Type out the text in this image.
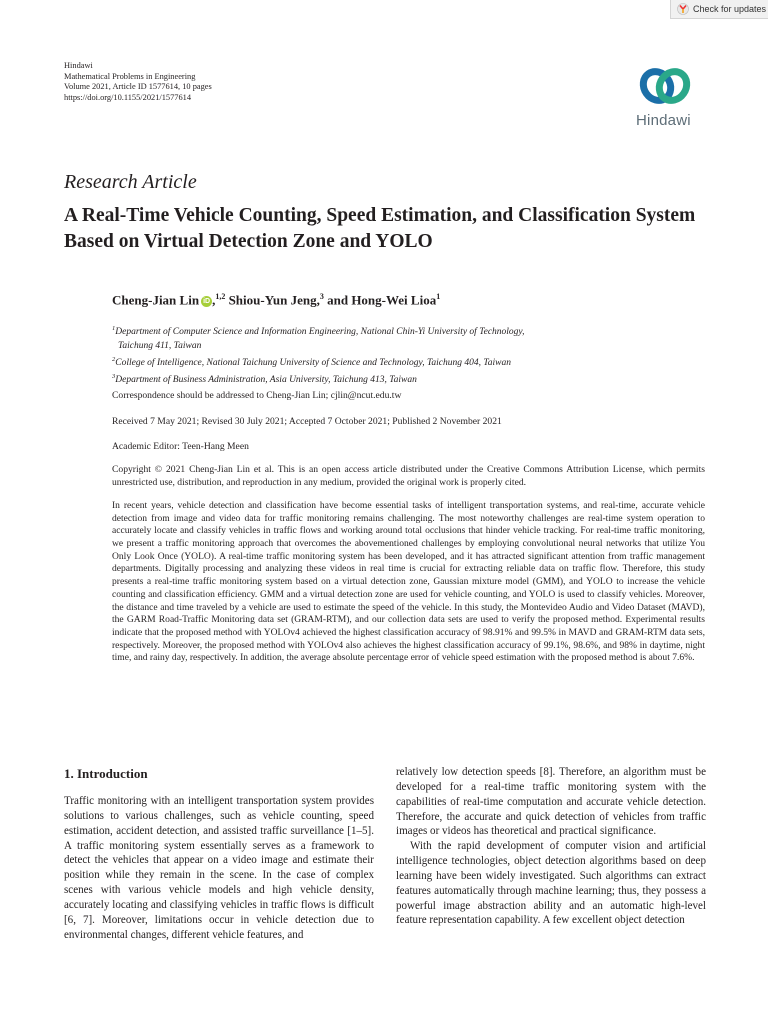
Check for updates
Hindawi
Mathematical Problems in Engineering
Volume 2021, Article ID 1577614, 10 pages
https://doi.org/10.1155/2021/1577614
Hindawi
Research Article
A Real-Time Vehicle Counting, Speed Estimation, and Classification System Based on Virtual Detection Zone and YOLO
Cheng-Jian Lin iD ,$^{1,2}$ Shiou-Yun Jeng,$^3$ and Hong-Wei Lioa$^1$
$^1$Department of Computer Science and Information Engineering, National Chin-Yi University of Technology,
Taichung 411, Taiwan
$^2$College of Intelligence, National Taichung University of Science and Technology, Taichung 404, Taiwan
$^3$Department of Business Administration, Asia University, Taichung 413, Taiwan
Correspondence should be addressed to Cheng-Jian Lin; cjlin@ncut.edu.tw
Received 7 May 2021; Revised 30 July 2021; Accepted 7 October 2021; Published 2 November 2021
Academic Editor: Teen-Hang Meen
Copyright © 2021 Cheng-Jian Lin et al. This is an open access article distributed under the Creative Commons Attribution License, which permits unrestricted use, distribution, and reproduction in any medium, provided the original work is properly cited.

In recent years, vehicle detection and classification have become essential tasks of intelligent transportation systems, and real-time, accurate vehicle detection from image and video data for traffic monitoring remains challenging. The most noteworthy challenges are real-time system operation to accurately locate and classify vehicles in traffic flows and working around total occlusions that hinder vehicle tracking. For real-time traffic monitoring, we present a traffic monitoring approach that overcomes the abovementioned challenges by employing convolutional neural networks that utilize You Only Look Once (YOLO). A real-time traffic monitoring system has been developed, and it has attracted significant attention from traffic management departments. Digitally processing and analyzing these videos in real time is crucial for extracting reliable data on traffic flow. Therefore, this study presents a real-time traffic monitoring system based on a virtual detection zone, Gaussian mixture model (GMM), and YOLO to increase the vehicle counting and classification efficiency. GMM and a virtual detection zone are used for vehicle counting, and YOLO is used to classify vehicles. Moreover, the distance and time traveled by a vehicle are used to estimate the speed of the vehicle. In this study, the Montevideo Audio and Video Dataset (MAVD), the GARM Road-Traffic Monitoring data set (GRAM-RTM), and our collection data sets are used to verify the proposed method. Experimental results indicate that the proposed method with YOLOv4 achieved the highest classification accuracy of 98.91% and 99.5% in MAVD and GRAM-RTM data sets, respectively. Moreover, the proposed method with YOLOv4 also achieves the highest classification accuracy of 99.1%, 98.6%, and 98% in daytime, night time, and rainy day, respectively. In addition, the average absolute percentage error of vehicle speed estimation with the proposed method is about 7.6%.

1. Introduction

Traffic monitoring with an intelligent transportation system provides solutions to various challenges, such as vehicle counting, speed estimation, accident detection, and assisted traffic surveillance [1–5]. A traffic monitoring system essentially serves as a framework to detect the vehicles that appear on a video image and estimate their position while they remain in the scene. In the case of complex scenes with various vehicle models and high vehicle density, accurately locating and classifying vehicles in traffic flows is difficult [6, 7]. Moreover, limitations occur in vehicle detection due to environmental changes, different vehicle features, and

relatively low detection speeds [8]. Therefore, an algorithm must be developed for a real-time traffic monitoring system with the capabilities of real-time computation and accurate vehicle detection. Therefore, the accurate and quick detection of vehicles from traffic images or videos has theoretical and practical significance.

With the rapid development of computer vision and artificial intelligence technologies, object detection algorithms based on deep learning have been widely investigated. Such algorithms can extract features automatically through machine learning; thus, they possess a powerful image abstraction ability and an automatic high-level feature representation capability. A few excellent object detection
